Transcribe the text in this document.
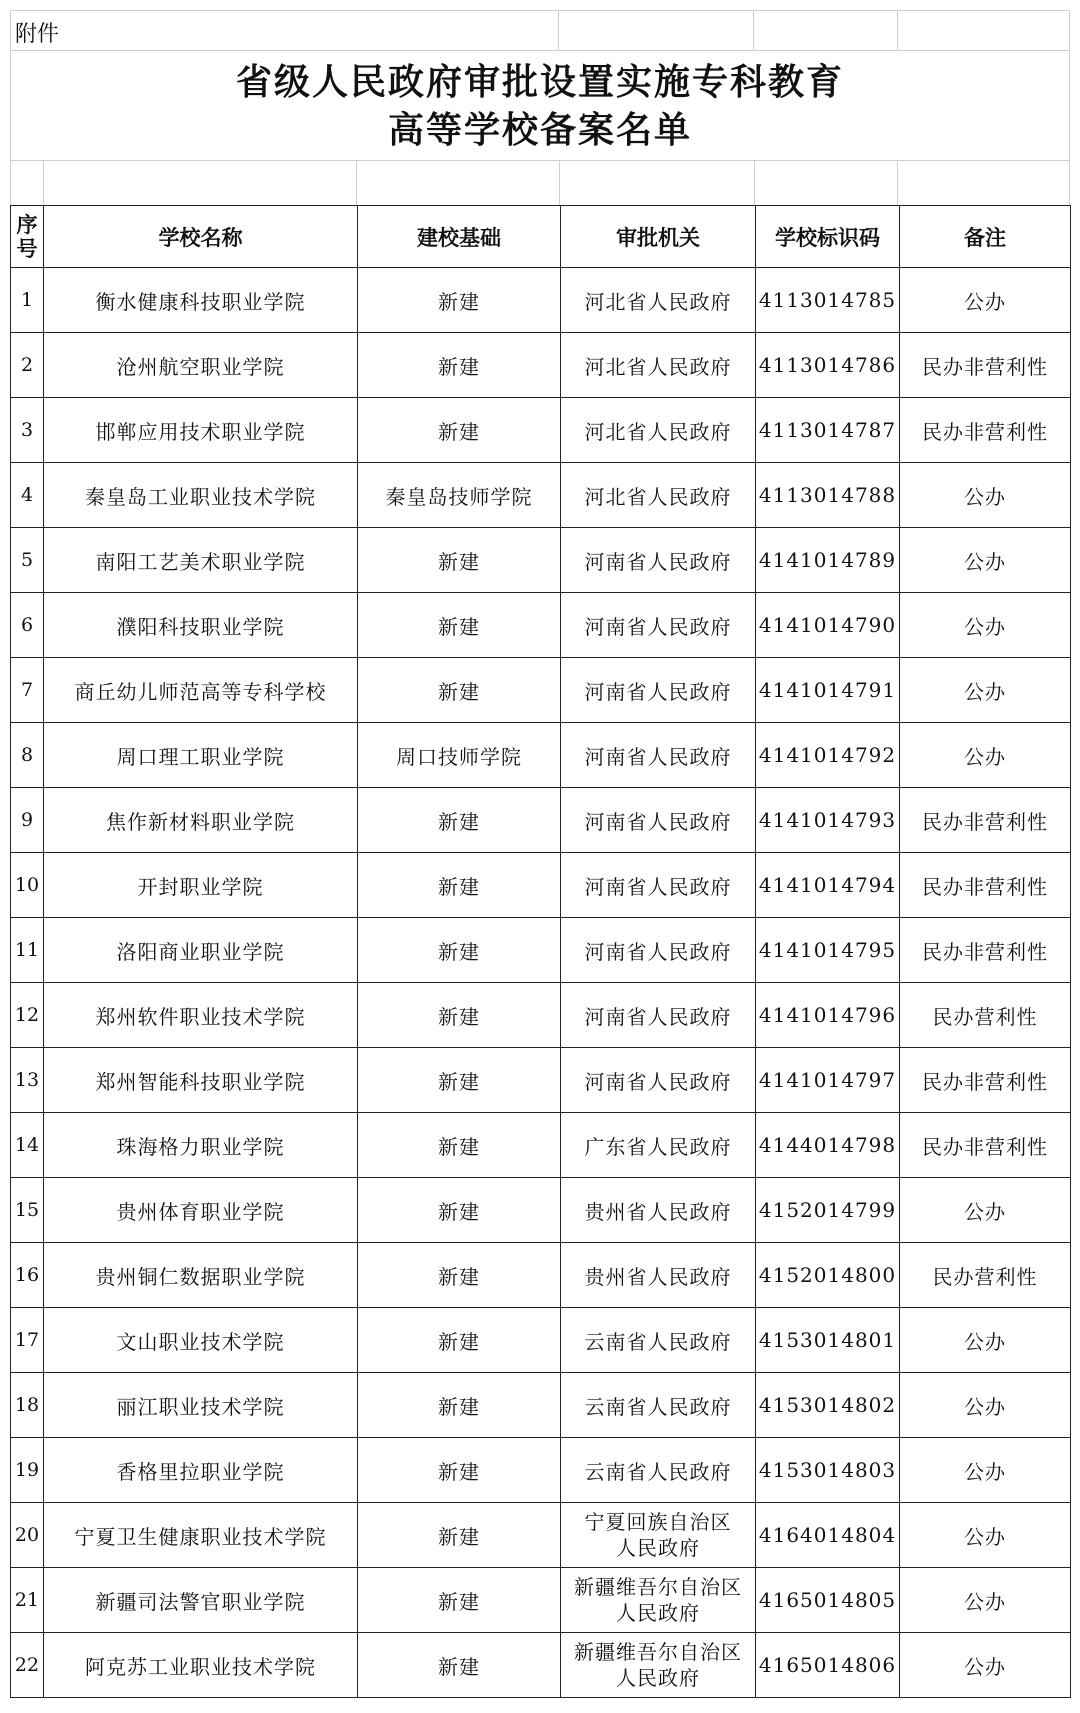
附件
省级人民政府审批设置实施专科教育
高等学校备案名单
序
号	学校名称	建校基础	审批机关	学校标识码	备注
1	衡水健康科技职业学院	新建	河北省人民政府	4113014785	公办
2	沧州航空职业学院	新建	河北省人民政府	4113014786	民办非营利性
3	邯郸应用技术职业学院	新建	河北省人民政府	4113014787	民办非营利性
4	秦皇岛工业职业技术学院	秦皇岛技师学院	河北省人民政府	4113014788	公办
5	南阳工艺美术职业学院	新建	河南省人民政府	4141014789	公办
6	濮阳科技职业学院	新建	河南省人民政府	4141014790	公办
7	商丘幼儿师范高等专科学校	新建	河南省人民政府	4141014791	公办
8	周口理工职业学院	周口技师学院	河南省人民政府	4141014792	公办
9	焦作新材料职业学院	新建	河南省人民政府	4141014793	民办非营利性
10	开封职业学院	新建	河南省人民政府	4141014794	民办非营利性
11	洛阳商业职业学院	新建	河南省人民政府	4141014795	民办非营利性
12	郑州软件职业技术学院	新建	河南省人民政府	4141014796	民办营利性
13	郑州智能科技职业学院	新建	河南省人民政府	4141014797	民办非营利性
14	珠海格力职业学院	新建	广东省人民政府	4144014798	民办非营利性
15	贵州体育职业学院	新建	贵州省人民政府	4152014799	公办
16	贵州铜仁数据职业学院	新建	贵州省人民政府	4152014800	民办营利性
17	文山职业技术学院	新建	云南省人民政府	4153014801	公办
18	丽江职业技术学院	新建	云南省人民政府	4153014802	公办
19	香格里拉职业学院	新建	云南省人民政府	4153014803	公办
20	宁夏卫生健康职业技术学院	新建	宁夏回族自治区
人民政府	4164014804	公办
21	新疆司法警官职业学院	新建	新疆维吾尔自治区
人民政府	4165014805	公办
22	阿克苏工业职业技术学院	新建	新疆维吾尔自治区
人民政府	4165014806	公办
